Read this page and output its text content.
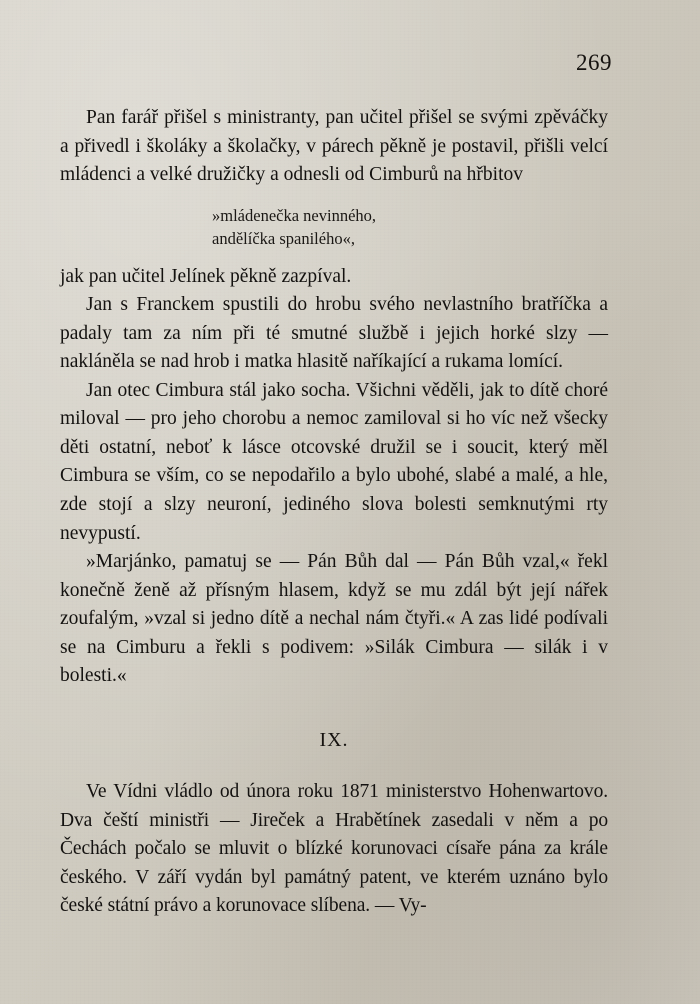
269

Pan farář přišel s ministranty, pan učitel přišel se svými zpěváčky a přivedl i školáky a školačky, v párech pěkně je postavil, přišli velcí mládenci a velké družičky a odnesli od Cimburů na hřbitov

»mládenečka nevinného,
andělíčka spanilého«,

jak pan učitel Jelínek pěkně zazpíval.

Jan s Franckem spustili do hrobu svého nevlastního bratříčka a padaly tam za ním při té smutné službě i jejich horké slzy — nakláněla se nad hrob i matka hlasitě naříkající a rukama lomící.

Jan otec Cimbura stál jako socha. Všichni věděli, jak to dítě choré miloval — pro jeho chorobu a nemoc zamiloval si ho víc než všecky děti ostatní, neboť k lásce otcovské družil se i soucit, který měl Cimbura se vším, co se nepodařilo a bylo ubohé, slabé a malé, a hle, zde stojí a slzy neuroní, jediného slova bolesti semknutými rty nevypustí.

»Marjánko, pamatuj se — Pán Bůh dal — Pán Bůh vzal,« řekl konečně ženě až přísným hlasem, když se mu zdál být její nářek zoufalým, »vzal si jedno dítě a nechal nám čtyři.« A zas lidé podívali se na Cimburu a řekli s podivem: »Silák Cimbura — silák i v bolesti.«

IX.

Ve Vídni vládlo od února roku 1871 ministerstvo Hohenwartovo. Dva čeští ministři — Jireček a Hrabětínek zasedali v něm a po Čechách počalo se mluvit o blízké korunovaci císaře pána za krále českého. V září vydán byl památný patent, ve kterém uznáno bylo české státní právo a korunovace slíbena. — Vy-
